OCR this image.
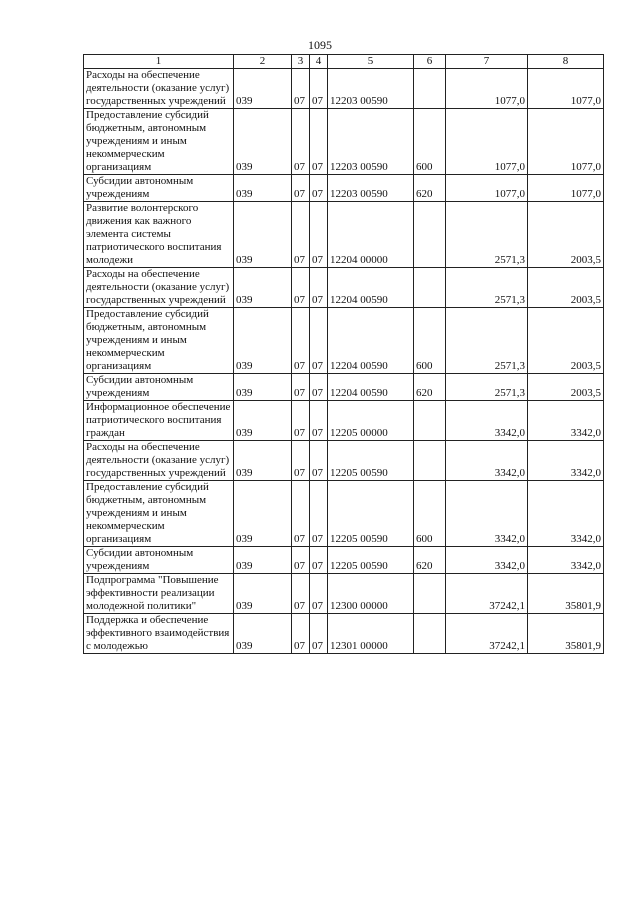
1095
1	2	3	4	5	6	7	8
Расходы на обеспечение деятельности (оказание услуг) государственных учреждений	039	07	07	12203 00590		1077,0	1077,0
Предоставление субсидий бюджетным, автономным учреждениям и иным некоммерческим организациям	039	07	07	12203 00590	600	1077,0	1077,0
Субсидии автономным учреждениям	039	07	07	12203 00590	620	1077,0	1077,0
Развитие волонтерского движения как важного элемента системы патриотического воспитания молодежи	039	07	07	12204 00000		2571,3	2003,5
Расходы на обеспечение деятельности (оказание услуг) государственных учреждений	039	07	07	12204 00590		2571,3	2003,5
Предоставление субсидий бюджетным, автономным учреждениям и иным некоммерческим организациям	039	07	07	12204 00590	600	2571,3	2003,5
Субсидии автономным учреждениям	039	07	07	12204 00590	620	2571,3	2003,5
Информационное обеспечение патриотического воспитания граждан	039	07	07	12205 00000		3342,0	3342,0
Расходы на обеспечение деятельности (оказание услуг) государственных учреждений	039	07	07	12205 00590		3342,0	3342,0
Предоставление субсидий бюджетным, автономным учреждениям и иным некоммерческим организациям	039	07	07	12205 00590	600	3342,0	3342,0
Субсидии автономным учреждениям	039	07	07	12205 00590	620	3342,0	3342,0
Подпрограмма "Повышение эффективности реализации молодежной политики"	039	07	07	12300 00000		37242,1	35801,9
Поддержка и обеспечение эффективного взаимодействия с молодежью	039	07	07	12301 00000		37242,1	35801,9
